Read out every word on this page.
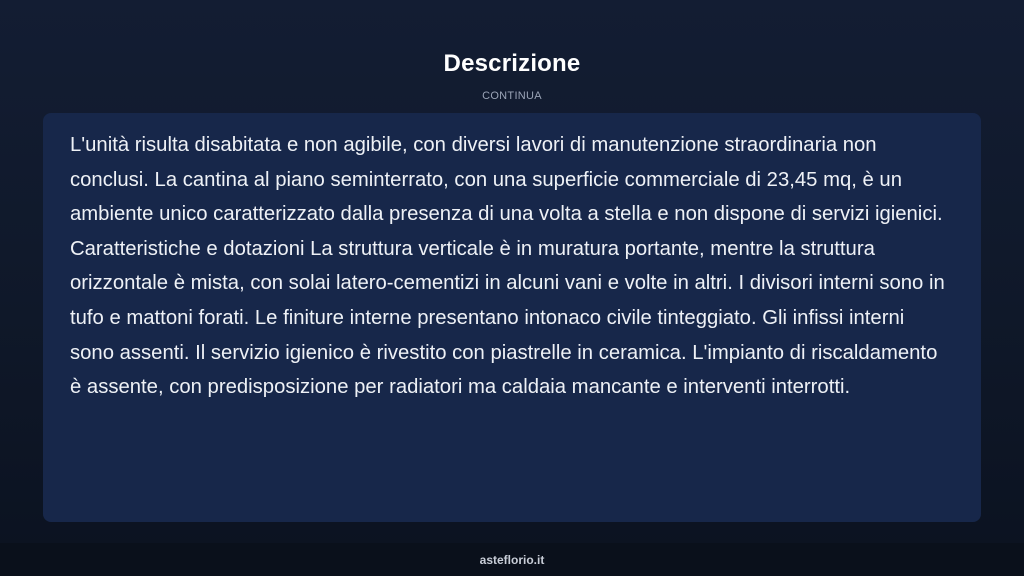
Descrizione
CONTINUA

L'unità risulta disabitata e non agibile, con diversi lavori di manutenzione straordinaria non conclusi. La cantina al piano seminterrato, con una superficie commerciale di 23,45 mq, è un ambiente unico caratterizzato dalla presenza di una volta a stella e non dispone di servizi igienici. Caratteristiche e dotazioni La struttura verticale è in muratura portante, mentre la struttura orizzontale è mista, con solai latero-cementizi in alcuni vani e volte in altri. I divisori interni sono in tufo e mattoni forati. Le finiture interne presentano intonaco civile tinteggiato. Gli infissi interni sono assenti. Il servizio igienico è rivestito con piastrelle in ceramica. L'impianto di riscaldamento è assente, con predisposizione per radiatori ma caldaia mancante e interventi interrotti.

asteflorio.it
